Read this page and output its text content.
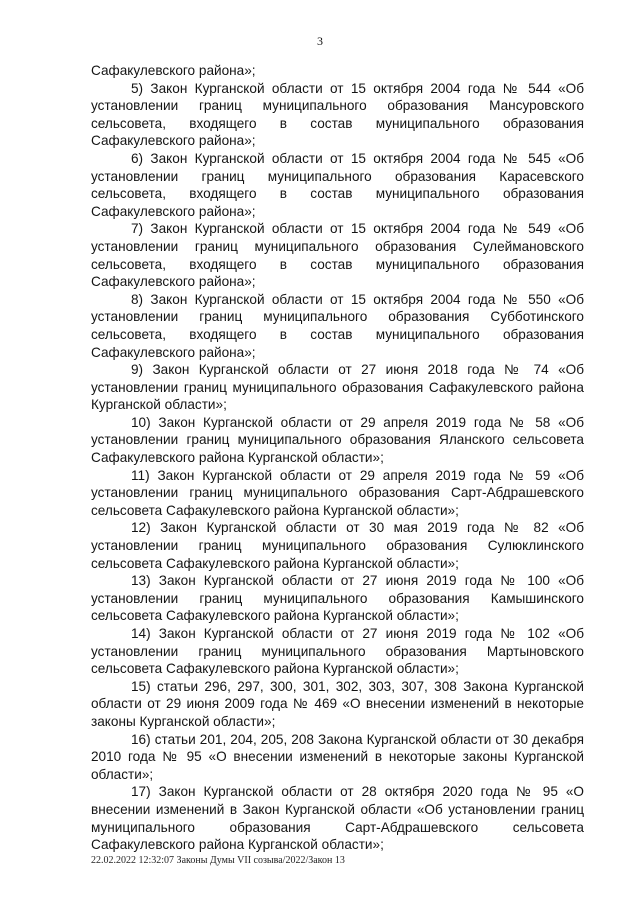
3

Сафакулевского района»;

5) Закон Курганской области от 15 октября 2004 года № 544 «Об установлении границ муниципального образования Мансуровского сельсовета, входящего в состав муниципального образования Сафакулевского района»;

6) Закон Курганской области от 15 октября 2004 года № 545 «Об установлении границ муниципального образования Карасевского сельсовета, входящего в состав муниципального образования Сафакулевского района»;

7) Закон Курганской области от 15 октября 2004 года № 549 «Об установлении границ муниципального образования Сулеймановского сельсовета, входящего в состав муниципального образования Сафакулевского района»;

8) Закон Курганской области от 15 октября 2004 года № 550 «Об установлении границ муниципального образования Субботинского сельсовета, входящего в состав муниципального образования Сафакулевского района»;

9) Закон Курганской области от 27 июня 2018 года № 74 «Об установлении границ муниципального образования Сафакулевского района Курганской области»;

10) Закон Курганской области от 29 апреля 2019 года № 58 «Об установлении границ муниципального образования Яланского сельсовета Сафакулевского района Курганской области»;

11) Закон Курганской области от 29 апреля 2019 года № 59 «Об установлении границ муниципального образования Сарт-Абдрашевского сельсовета Сафакулевского района Курганской области»;

12) Закон Курганской области от 30 мая 2019 года № 82 «Об установлении границ муниципального образования Сулюклинского сельсовета Сафакулевского района Курганской области»;

13) Закон Курганской области от 27 июня 2019 года № 100 «Об установлении границ муниципального образования Камышинского сельсовета Сафакулевского района Курганской области»;

14) Закон Курганской области от 27 июня 2019 года № 102 «Об установлении границ муниципального образования Мартыновского сельсовета Сафакулевского района Курганской области»;

15) статьи 296, 297, 300, 301, 302, 303, 307, 308 Закона Курганской области от 29 июня 2009 года № 469 «О внесении изменений в некоторые законы Курганской области»;

16) статьи 201, 204, 205, 208 Закона Курганской области от 30 декабря 2010 года № 95 «О внесении изменений в некоторые законы Курганской области»;

17) Закон Курганской области от 28 октября 2020 года № 95 «О внесении изменений в Закон Курганской области «Об установлении границ муниципального образования Сарт-Абдрашевского сельсовета Сафакулевского района Курганской области»;

22.02.2022 12:32:07 Законы Думы VII созыва/2022/Закон 13
